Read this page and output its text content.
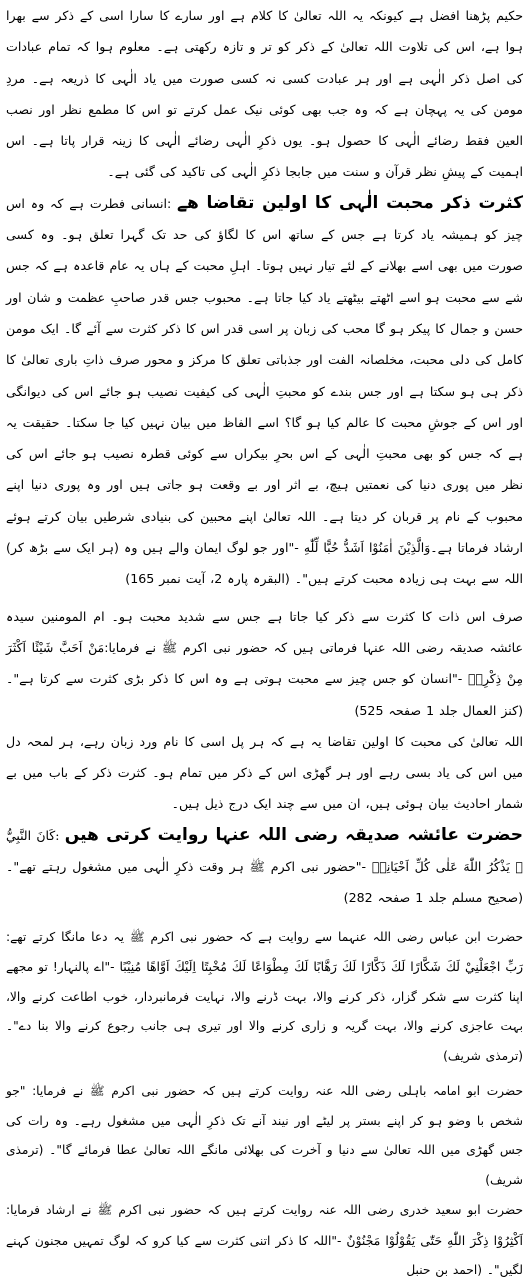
حکیم پڑھنا افضل ہے کیونکہ یہ اللہ تعالیٰ کا کلام ہے اور سارے کا سارا اسی کے ذکر سے بھرا ہوا ہے، اس کی تلاوت اللہ تعالیٰ کے ذکر کو تر و تازہ رکھتی ہے۔ معلوم ہوا کہ تمام عبادات کی اصل ذکر الٰہی ہے اور ہر عبادت کسی نہ کسی صورت میں یاد الٰہی کا ذریعہ ہے۔ مردِ مومن کی یہ پہچان ہے کہ وہ جب بھی کوئی نیک عمل کرتے تو اس کا مطمع نظر اور نصب العین فقط رضائے الٰہی کا حصول ہو۔ یوں ذکرِ الٰہی رضائے الٰہی کا زینہ قرار پاتا ہے۔ اس اہمیت کے پیشِ نظر قرآن و سنت میں جابجا ذکرِ الٰہی کی تاکید کی گئی ہے۔

کثرت ذکر محبت الٰہی کا اولین تقاضا ھے :انسانی فطرت ہے کہ وہ اس چیز کو ہمیشہ یاد کرتا ہے جس کے ساتھ اس کا لگاؤ کی حد تک گہرا تعلق ہو۔ وہ کسی صورت میں بھی اسے بھلانے کے لئے تیار نہیں ہوتا۔ اہلِ محبت کے ہاں یہ عام قاعدہ ہے کہ جس شے سے محبت ہو اسے اٹھتے بیٹھتے یاد کیا جاتا ہے۔ محبوب جس قدر صاحبِ عظمت و شان اور حسن و جمال کا پیکر ہو گا محب کی زبان پر اسی قدر اس کا ذکر کثرت سے آئے گا۔ ایک مومن کامل کی دلی محبت، مخلصانہ الفت اور جذباتی تعلق کا مرکز و محور صرف ذاتِ باری تعالیٰ کا ذکر ہی ہو سکتا ہے اور جس بندے کو محبتِ الٰہی کی کیفیت نصیب ہو جائے اس کی دیوانگی اور اس کے جوشِ محبت کا عالم کیا ہو گا؟ اسے الفاظ میں بیان نہیں کیا جا سکتا۔ حقیقت یہ ہے کہ جس کو بھی محبتِ الٰہی کے اس بحرِ بیکراں سے کوئی قطرہ نصیب ہو جائے اس کی نظر میں پوری دنیا کی نعمتیں ہیچ، بے اثر اور بے وقعت ہو جاتی ہیں اور وہ پوری دنیا اپنے محبوب کے نام پر قربان کر دیتا ہے۔ اللہ تعالیٰ اپنے محبین کی بنیادی شرطیں بیان کرتے ہوئے ارشاد فرماتا ہے۔وَالَّذِيْنَ اٰمَنُوْا اَشَدُّ حُبًّا لِّلّٰهِ -"اور جو لوگ ایمان والے ہیں وہ (ہر ایک سے بڑھ کر) اللہ سے بہت ہی زیادہ محبت کرتے ہیں"۔ (البقرہ پارہ 2، آیت نمبر 165)

صرف اس ذات کا کثرت سے ذکر کیا جاتا ہے جس سے شدید محبت ہو۔ ام المومنین سیدہ عائشہ صدیقہ رضی اللہ عنہا فرماتی ہیں کہ حضور نبی اکرم ﷺ نے فرمایا:مَنْ اَحَبَّ شَيْئًا اَكْثَرَ مِنْ ذِكْرِهٖ -"انسان کو جس چیز سے محبت ہوتی ہے وہ اس کا ذکر بڑی کثرت سے کرتا ہے"۔ (کنز العمال جلد 1 صفحہ 525)

اللہ تعالیٰ کی محبت کا اولین تقاضا یہ ہے کہ ہر پل اسی کا نام ورد زبان رہے، ہر لمحہ دل میں اس کی یاد بسی رہے اور ہر گھڑی اس کے ذکر میں تمام ہو۔ کثرت ذکر کے باب میں بے شمار احادیث بیان ہوئی ہیں، ان میں سے چند ایک درج ذیل ہیں۔

حضرت عائشہ صدیقہ رضی اللہ عنہا روایت کرتی ھیں :كَانَ النَّبِيُّ ﷺ يَذْكُرُ اللّٰهَ عَلٰى كُلِّ اَحْيَانِهٖ -"حضور نبی اکرم ﷺ ہر وقت ذکرِ الٰہی میں مشغول رہتے تھے"۔ (صحیح مسلم جلد 1 صفحہ 282)

حضرت ابن عباس رضی اللہ عنہما سے روایت ہے کہ حضور نبی اکرم ﷺ یہ دعا مانگا کرتے تھے: رَبِّ اجْعَلْنِيْ لَكَ شَكَّارًا لَكَ ذَكَّارًا لَكَ رَهَّابًا لَكَ مِطْوَاعًا لَكَ مُخْبِتًا اِلَيْكَ اَوَّاهًا مُنِيْبًا -"اے پالنہار! تو مجھے اپنا کثرت سے شکر گزار، ذکر کرنے والا، بہت ڈرنے والا، نہایت فرمانبردار، خوب اطاعت کرنے والا، بہت عاجزی کرنے والا، بہت گریہ و زاری کرنے والا اور تیری ہی جانب رجوع کرنے والا بنا دے"۔ (ترمذی شریف)

حضرت ابو امامہ باہلی رضی اللہ عنہ روایت کرتے ہیں کہ حضور نبی اکرم ﷺ نے فرمایا: "جو شخص با وضو ہو کر اپنے بستر پر لیٹے اور نیند آنے تک ذکرِ الٰہی میں مشغول رہے۔ وہ رات کی جس گھڑی میں اللہ تعالیٰ سے دنیا و آخرت کی بھلائی مانگے اللہ تعالیٰ عطا فرمائے گا"۔ (ترمذی شریف)

حضرت ابو سعید خدری رضی اللہ عنہ روایت کرتے ہیں کہ حضور نبی اکرم ﷺ نے ارشاد فرمایا: اَكْثِرُوْا ذِكْرَ اللّٰهِ حَتّٰى يَقُوْلُوْا مَجْنُوْنٌ -"اللہ کا ذکر اتنی کثرت سے کیا کرو کہ لوگ تمہیں مجنون کہنے لگیں"۔ (احمد بن حنبل
